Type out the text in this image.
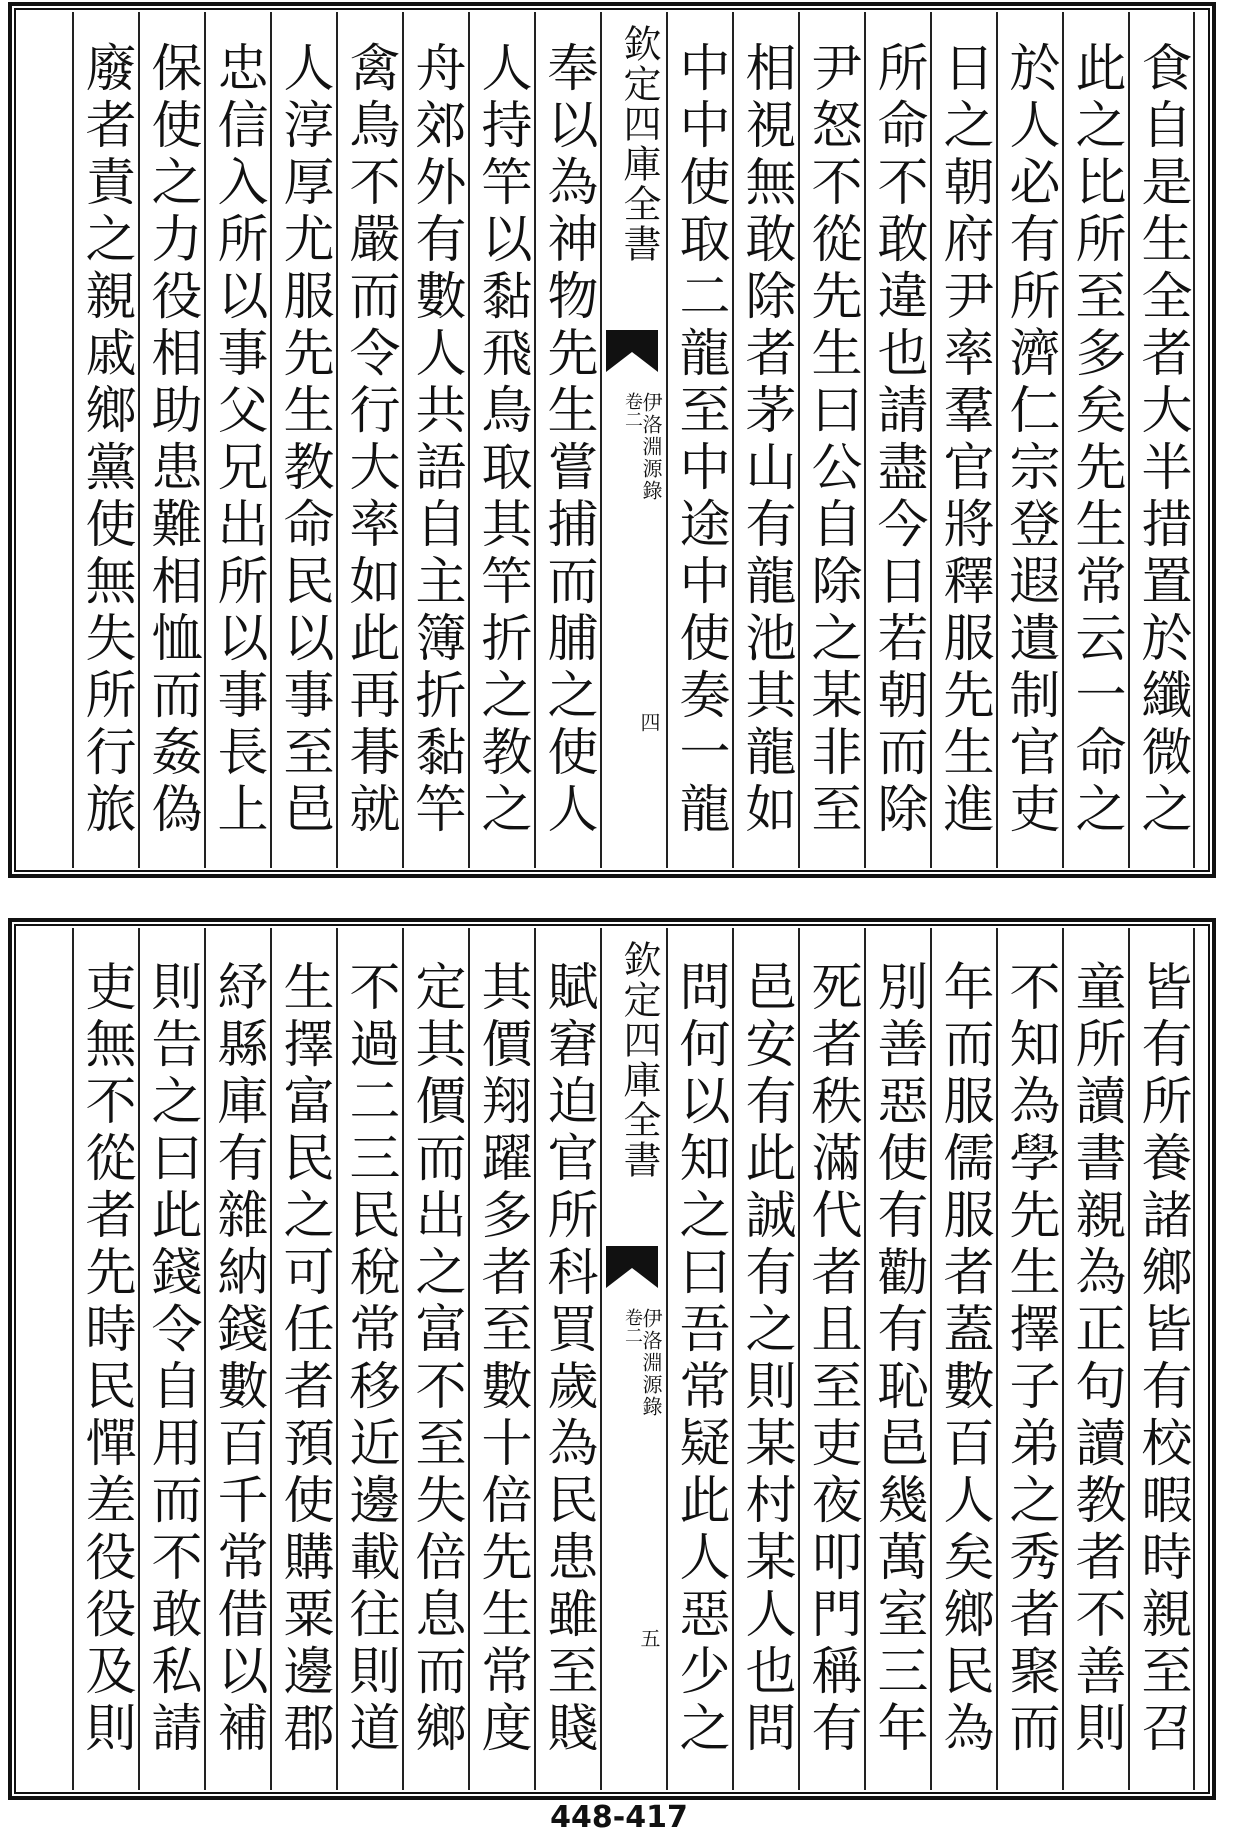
食自是生全者大半措置於纖微之
此之比所至多矣先生常云一命之
於人必有所濟仁宗登遐遺制官吏
日之朝府尹率羣官將釋服先生進
所命不敢違也請盡今日若朝而除
尹怒不從先生曰公自除之某非至
相視無敢除者茅山有龍池其龍如
中中使取二龍至中途中使奏一龍
欽定四庫全書
伊洛淵源錄
卷二
四
奉以為神物先生嘗捕而脯之使人
人持竿以黏飛鳥取其竿折之教之
舟郊外有數人共語自主簿折黏竿
禽鳥不嚴而令行大率如此再朞就
人淳厚尤服先生教命民以事至邑
忠信入所以事父兄出所以事長上
保使之力役相助患難相恤而姦偽
廢者責之親戚鄉黨使無失所行旅
皆有所養諸鄉皆有校暇時親至召
童所讀書親為正句讀教者不善則
不知為學先生擇子弟之秀者聚而
年而服儒服者蓋數百人矣鄉民為
別善惡使有勸有恥邑幾萬室三年
死者秩滿代者且至吏夜叩門稱有
邑安有此誠有之則某村某人也問
問何以知之曰吾常疑此人惡少之
欽定四庫全書
伊洛淵源錄
卷二
五
賦窘迫官所科買歲為民患雖至賤
其價翔躍多者至數十倍先生常度
定其價而出之富不至失倍息而鄉
不過二三民稅常移近邊載往則道
生擇富民之可任者預使購粟邊郡
紓縣庫有雜納錢數百千常借以補
則告之曰此錢令自用而不敢私請
吏無不從者先時民憚差役役及則
448-417
